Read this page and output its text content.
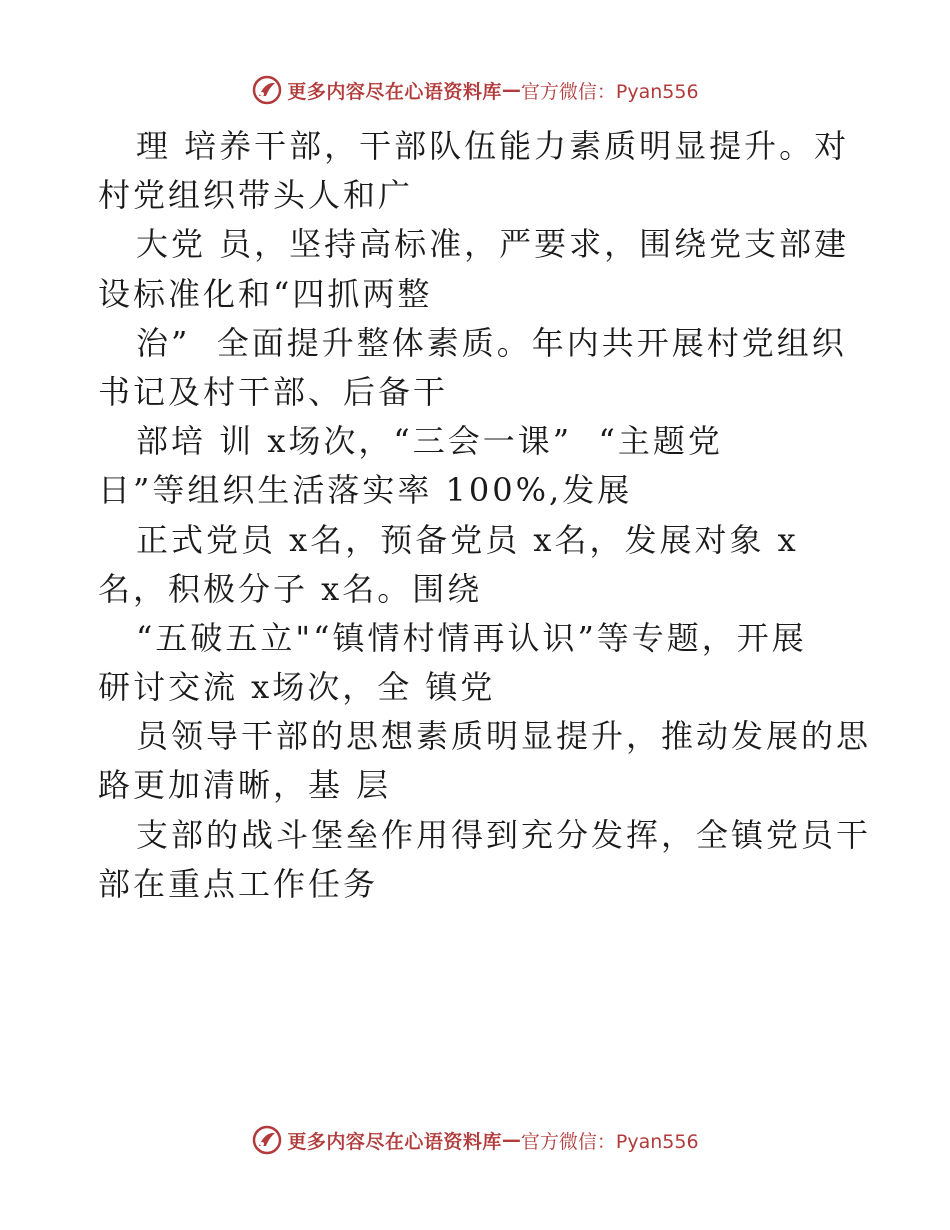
更多内容尽在心语资料库 — 官方微信：Pyan556
理 培养干部，干部队伍能力素质明显提升。对
村党组织带头人和广
大党 员，坚持高标准，严要求，围绕党支部建
设标准化和“四抓两整
治”  全面提升整体素质。年内共开展村党组织
书记及村干部、后备干
部培 训 x场次，“三会一课”  “主题党
日”等组织生活落实率 100%,发展
正式党员 x名，预备党员 x名，发展对象 x
名，积极分子 x名。围绕
“五破五立"“镇情村情再认识”等专题，开展
研讨交流 x场次，全 镇党
员领导干部的思想素质明显提升，推动发展的思
路更加清晰，基 层
支部的战斗堡垒作用得到充分发挥，全镇党员干
部在重点工作任务
更多内容尽在心语资料库 — 官方微信：Pyan556
